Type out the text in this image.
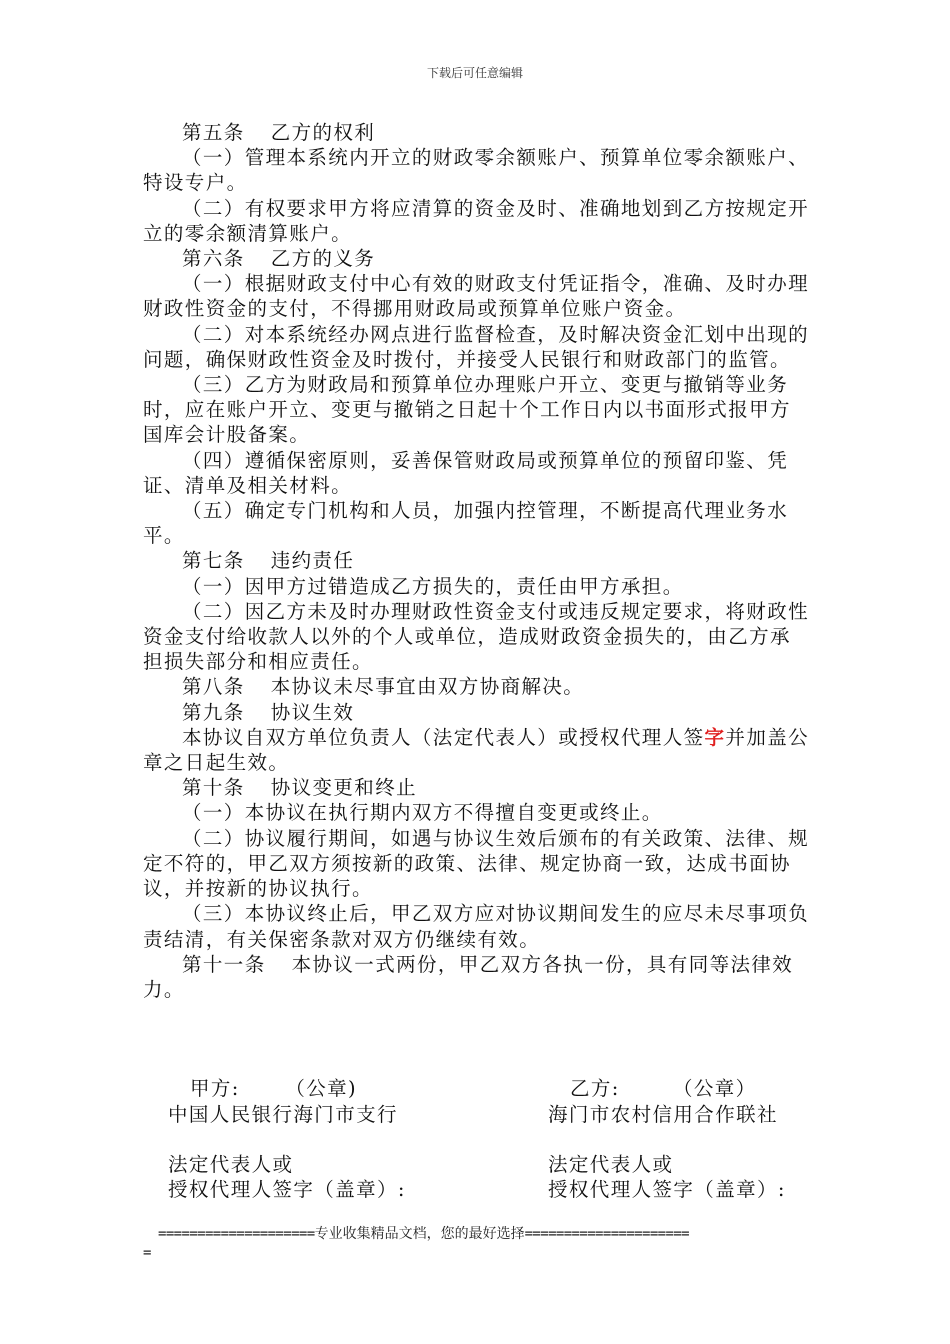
下载后可任意编辑
第五条 乙方的权利
（一）管理本系统内开立的财政零余额账户、预算单位零余额账户、特设专户。
（二）有权要求甲方将应清算的资金及时、准确地划到乙方按规定开立的零余额清算账户。
第六条 乙方的义务
（一）根据财政支付中心有效的财政支付凭证指令，准确、及时办理财政性资金的支付，不得挪用财政局或预算单位账户资金。
（二）对本系统经办网点进行监督检查，及时解决资金汇划中出现的问题，确保财政性资金及时拨付，并接受人民银行和财政部门的监管。
（三）乙方为财政局和预算单位办理账户开立、变更与撤销等业务时，应在账户开立、变更与撤销之日起十个工作日内以书面形式报甲方国库会计股备案。
（四）遵循保密原则，妥善保管财政局或预算单位的预留印鉴、凭证、清单及相关材料。
（五）确定专门机构和人员，加强内控管理，不断提高代理业务水平。
第七条 违约责任
（一）因甲方过错造成乙方损失的，责任由甲方承担。
（二）因乙方未及时办理财政性资金支付或违反规定要求，将财政性资金支付给收款人以外的个人或单位，造成财政资金损失的，由乙方承担损失部分和相应责任。
第八条 本协议未尽事宜由双方协商解决。
第九条 协议生效
本协议自双方单位负责人（法定代表人）或授权代理人签字并加盖公章之日起生效。
第十条 协议变更和终止
（一）本协议在执行期内双方不得擅自变更或终止。
（二）协议履行期间，如遇与协议生效后颁布的有关政策、法律、规定不符的，甲乙双方须按新的政策、法律、规定协商一致，达成书面协议，并按新的协议执行。
（三）本协议终止后，甲乙双方应对协议期间发生的应尽未尽事项负责结清，有关保密条款对双方仍继续有效。
第十一条 本协议一式两份，甲乙双方各执一份，具有同等法律效力。
甲方:      （公章)
中国人民银行海门市支行
法定代表人或
授权代理人签字（盖章）:
乙方:       （公章）
海门市农村信用合作联社
法定代表人或
授权代理人签字（盖章）:
====================专业收集精品文档，您的最好选择=====================
=
